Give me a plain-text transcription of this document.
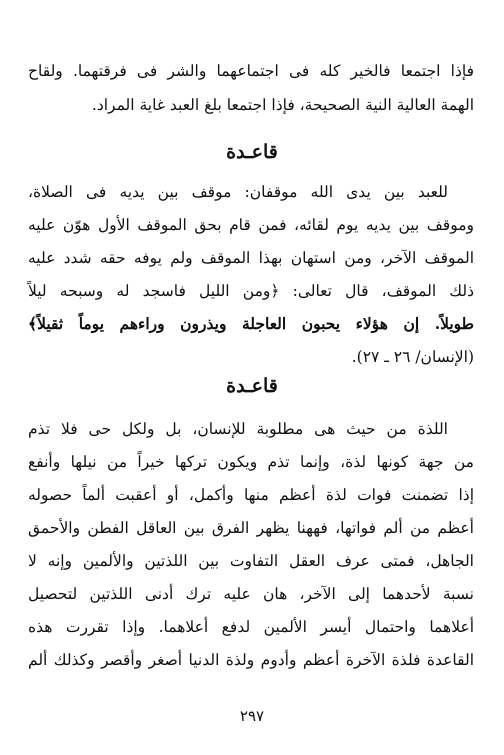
فإذا اجتمعا فالخير كله فى اجتماعهما والشر فى فرقتهما. ولقاح
الهمة العالية النية الصحيحة، فإذا اجتمعا بلغ العبد غاية المراد.
قاعـدة
للعبد بين يدى الله موقفان: موقف بين يديه فى الصلاة،
وموقف بين يديه يوم لقائه، فمن قام بحق الموقف الأول هوّن عليه
الموقف الآخر، ومن استهان بهذا الموقف ولم يوفه حقه شدد عليه
ذلك الموقف، قال تعالى: ﴿ومن الليل فاسجد له وسبحه ليلاً
طويلاً. إن هؤلاء يحبون العاجلة ويذرون وراءهم يوماً ثقيلاً﴾
(الإنسان/ ٢٦ ـ ٢٧).
قاعـدة
اللذة من حيث هى مطلوبة للإنسان، بل ولكل حى فلا تذم
من جهة كونها لذة، وإنما تذم ويكون تركها خيراً من نيلها وأنفع
إذا تضمنت فوات لذة أعظم منها وأكمل، أو أعقبت ألماً حصوله
أعظم من ألم فواتها، فههنا يظهر الفرق بين العاقل الفطن والأحمق
الجاهل، فمتى عرف العقل التفاوت بين اللذتين والألمين وإنه لا
نسبة لأحدهما إلى الآخر، هان عليه ترك أدنى اللذتين لتحصيل
أعلاهما واحتمال أيسر الألمين لدفع أعلاهما. وإذا تقررت هذه
القاعدة فلذة الآخرة أعظم وأدوم ولذة الدنيا أصغر وأقصر وكذلك ألم
٢٩٧
